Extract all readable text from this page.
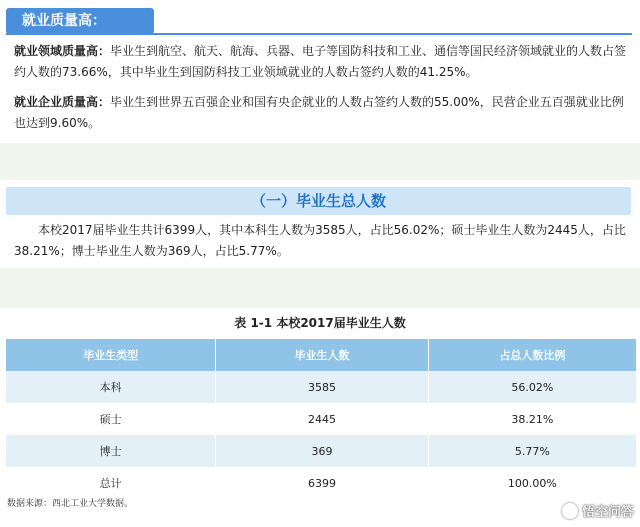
就业质量高：
就业领域质量高：毕业生到航空、航天、航海、兵器、电子等国防科技和工业、通信等国民经济领域就业的人数占签约人数的73.66%，其中毕业生到国防科技工业领域就业的人数占签约人数的41.25%。
就业企业质量高：毕业生到世界五百强企业和国有央企就业的人数占签约人数的55.00%，民营企业五百强就业比例也达到9.60%。
（一）毕业生总人数
本校2017届毕业生共计6399人，其中本科生人数为3585人，占比56.02%；硕士毕业生人数为2445人，占比38.21%；博士毕业生人数为369人，占比5.77%。
表 1-1 本校2017届毕业生人数
毕业生类型	毕业生人数	占总人数比例
本科	3585	56.02%
硕士	2445	38.21%
博士	369	5.77%
总计	6399	100.00%
数据来源：西北工业大学数据。
悟空问答
